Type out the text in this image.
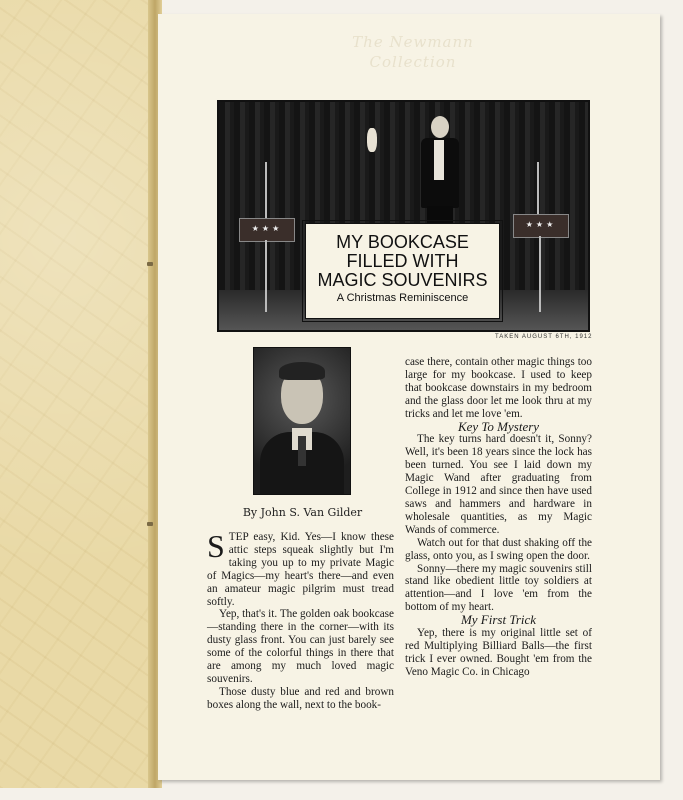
The Newmann
Collection
★★★	★★★
MY BOOKCASE
FILLED WITH
MAGIC SOUVENIRS
A Christmas Reminiscence
TAKEN AUGUST 6TH, 1912
By John S. Van Gilder

STEP easy, Kid. Yes—I know these attic steps squeak slightly but I'm taking you up to my private Magic of Magics—my heart's there—and even an amateur magic pilgrim must tread softly.

Yep, that's it. The golden oak bookcase—standing there in the corner—with its dusty glass front. You can just barely see some of the colorful things in there that are among my much loved magic souvenirs.

Those dusty blue and red and brown boxes along the wall, next to the book-

case there, contain other magic things too large for my bookcase. I used to keep that bookcase downstairs in my bedroom and the glass door let me look thru at my tricks and let me love 'em.

Key To Mystery

The key turns hard doesn't it, Sonny? Well, it's been 18 years since the lock has been turned. You see I laid down my Magic Wand after graduating from College in 1912 and since then have used saws and hammers and hardware in wholesale quantities, as my Magic Wands of commerce.

Watch out for that dust shaking off the glass, onto you, as I swing open the door.

Sonny—there my magic souvenirs still stand like obedient little toy soldiers at attention—and I love 'em from the bottom of my heart.

My First Trick

Yep, there is my original little set of red Multiplying Billiard Balls—the first trick I ever owned. Bought 'em from the Veno Magic Co. in Chicago
